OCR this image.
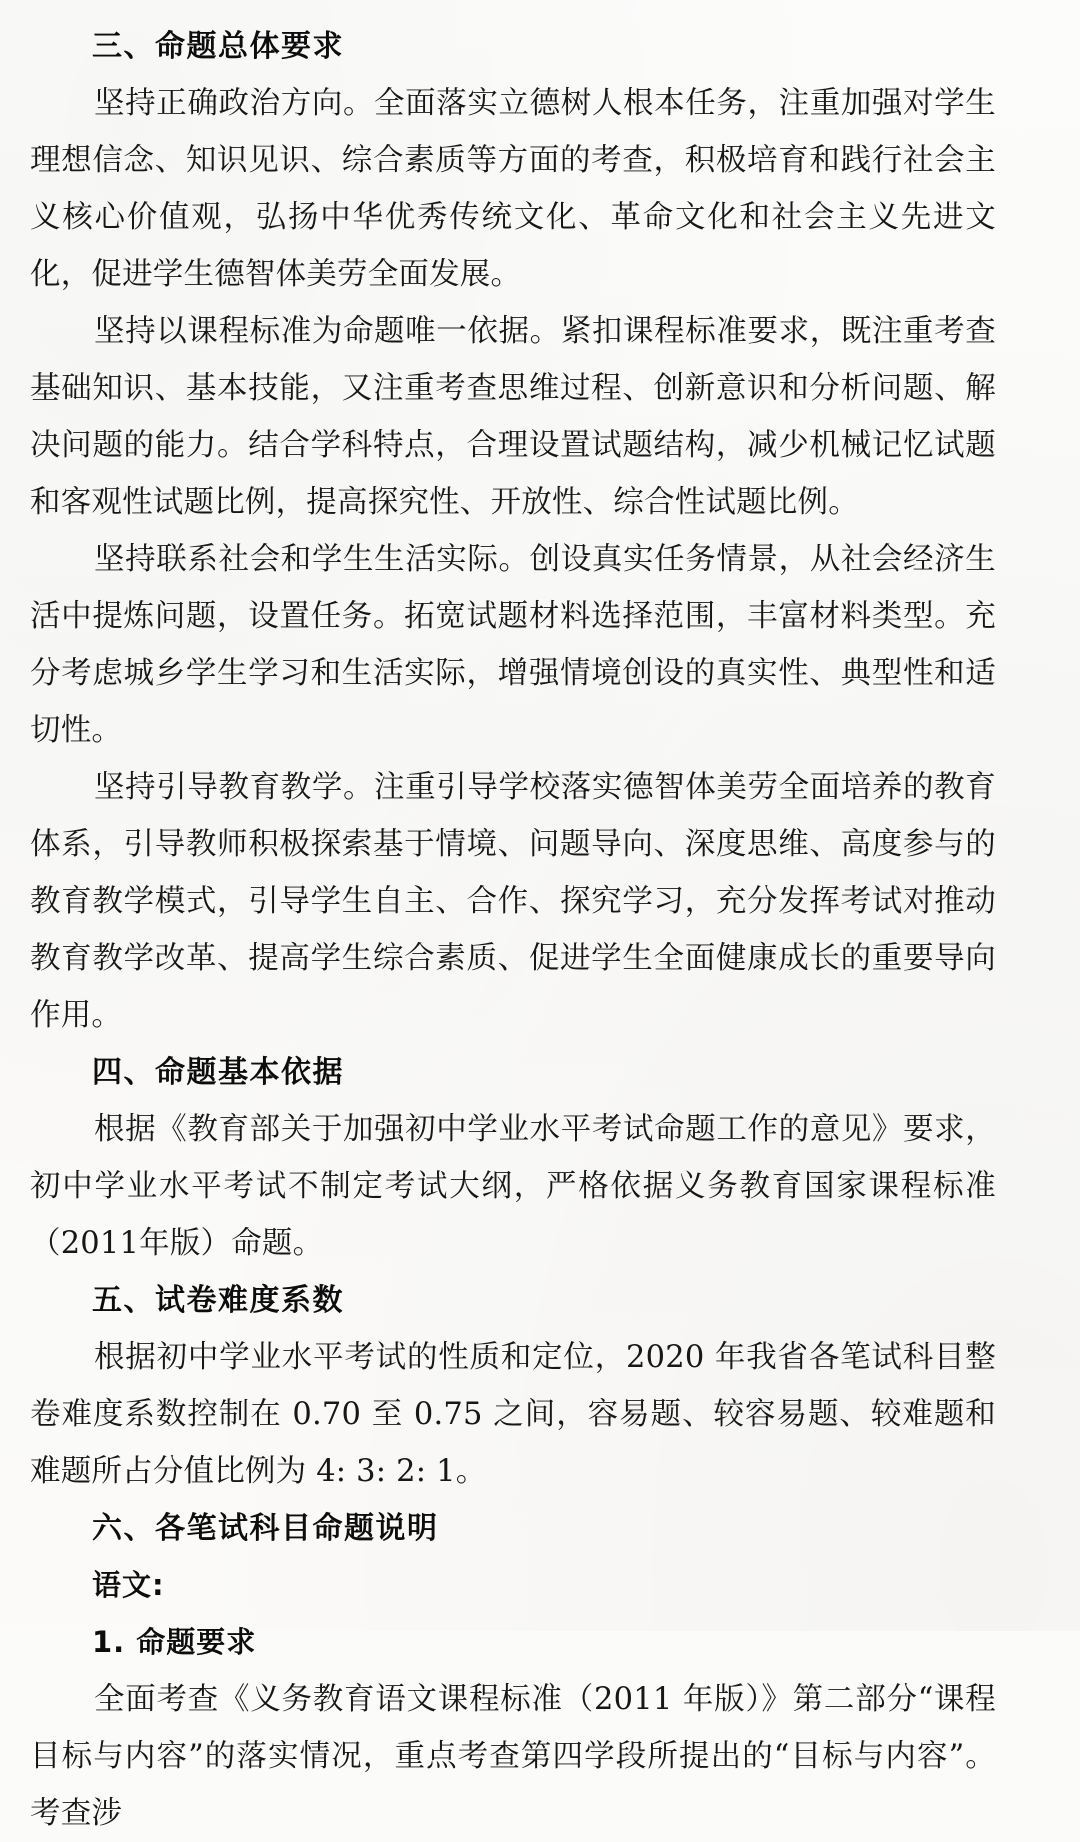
三、命题总体要求

坚持正确政治方向。全面落实立德树人根本任务，注重加强对学生理想信念、知识见识、综合素质等方面的考查，积极培育和践行社会主义核心价值观，弘扬中华优秀传统文化、革命文化和社会主义先进文化，促进学生德智体美劳全面发展。

坚持以课程标准为命题唯一依据。紧扣课程标准要求，既注重考查基础知识、基本技能，又注重考查思维过程、创新意识和分析问题、解决问题的能力。结合学科特点，合理设置试题结构，减少机械记忆试题和客观性试题比例，提高探究性、开放性、综合性试题比例。

坚持联系社会和学生生活实际。创设真实任务情景，从社会经济生活中提炼问题，设置任务。拓宽试题材料选择范围，丰富材料类型。充分考虑城乡学生学习和生活实际，增强情境创设的真实性、典型性和适切性。

坚持引导教育教学。注重引导学校落实德智体美劳全面培养的教育体系，引导教师积极探索基于情境、问题导向、深度思维、高度参与的教育教学模式，引导学生自主、合作、探究学习，充分发挥考试对推动教育教学改革、提高学生综合素质、促进学生全面健康成长的重要导向作用。

四、命题基本依据

根据《教育部关于加强初中学业水平考试命题工作的意见》要求，初中学业水平考试不制定考试大纲，严格依据义务教育国家课程标准（2011年版）命题。

五、试卷难度系数

根据初中学业水平考试的性质和定位，2020 年我省各笔试科目整卷难度系数控制在 0.70 至 0.75 之间，容易题、较容易题、较难题和难题所占分值比例为 4: 3: 2: 1。

六、各笔试科目命题说明
语文:
1. 命题要求

全面考查《义务教育语文课程标准（2011 年版）》第二部分“课程目标与内容”的落实情况，重点考查第四学段所提出的“目标与内容”。考查涉
